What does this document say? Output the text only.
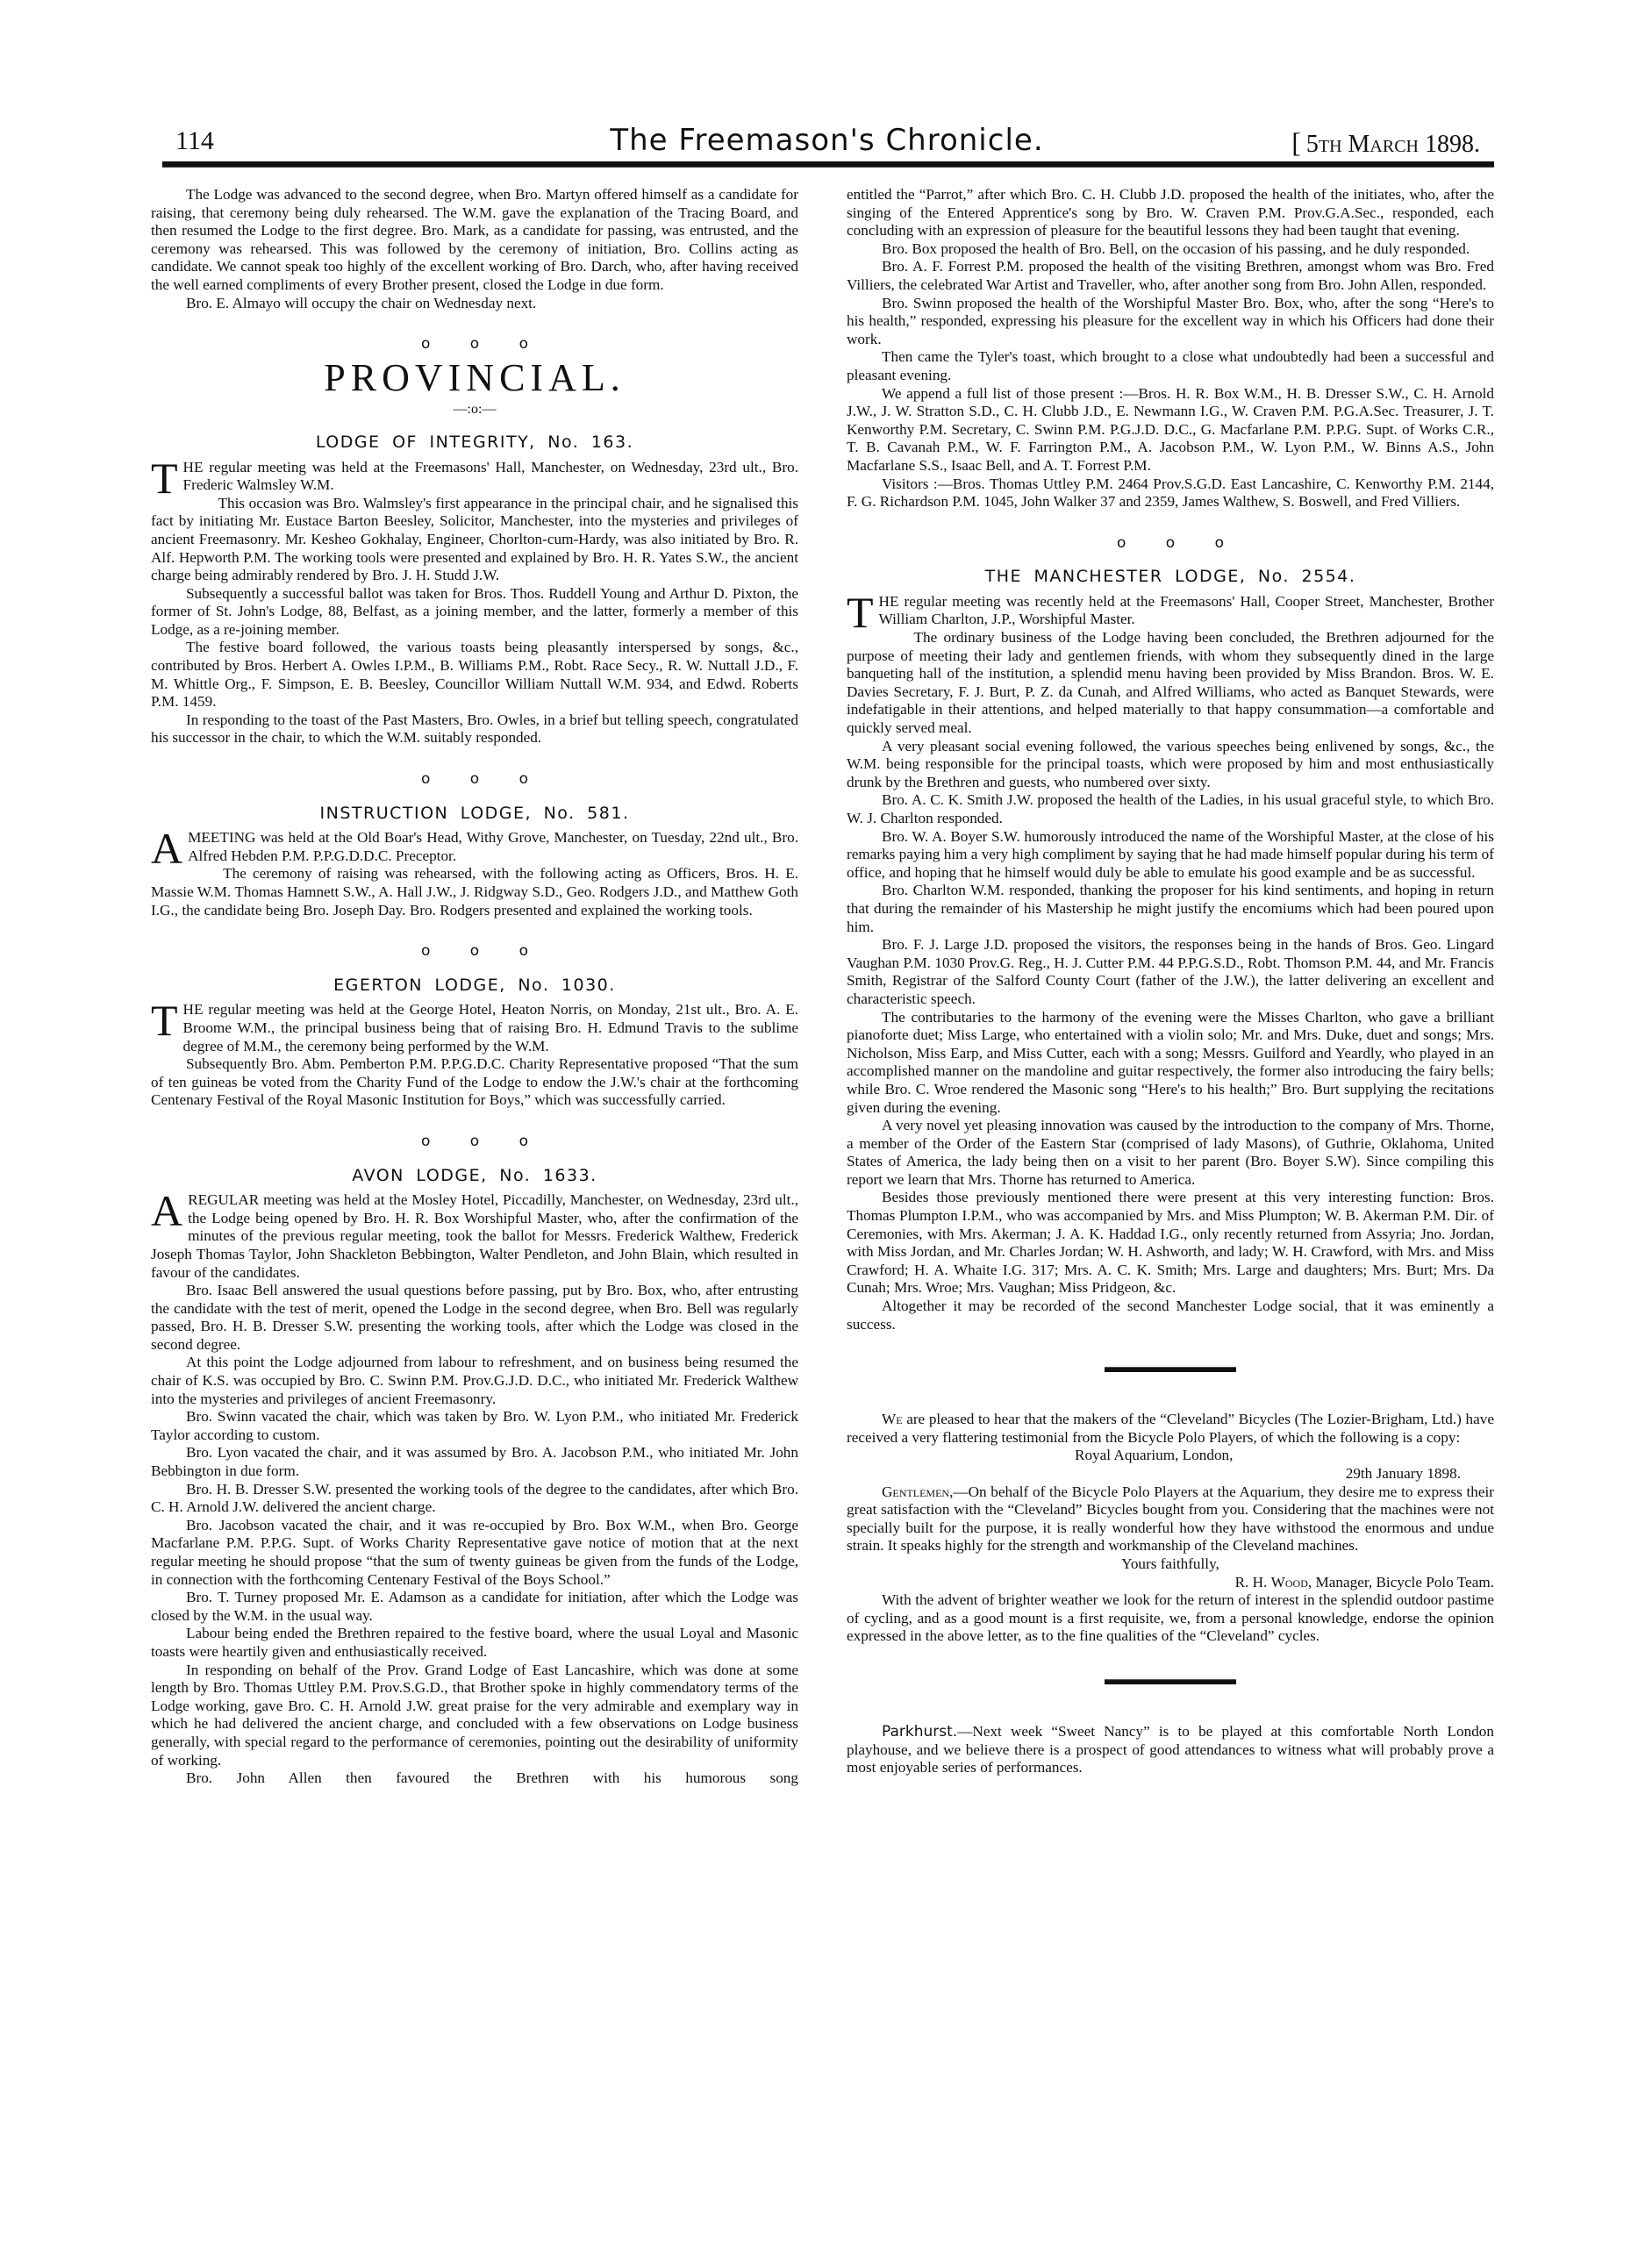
114	The Freemason's Chronicle.	[ 5th March 1898.

The Lodge was advanced to the second degree, when Bro. Martyn offered himself as a candidate for raising, that ceremony being duly rehearsed. The W.M. gave the explanation of the Tracing Board, and then resumed the Lodge to the first degree. Bro. Mark, as a candidate for passing, was entrusted, and the ceremony was rehearsed. This was followed by the ceremony of initiation, Bro. Collins acting as candidate. We cannot speak too highly of the excellent working of Bro. Darch, who, after having received the well earned compliments of every Brother present, closed the Lodge in due form.

Bro. E. Almayo will occupy the chair on Wednesday next.

o o o
PROVINCIAL.
—:o:—
LODGE OF INTEGRITY, No. 163.

THE regular meeting was held at the Freemasons' Hall, Manchester, on Wednesday, 23rd ult., Bro. Frederic Walmsley W.M.

This occasion was Bro. Walmsley's first appearance in the principal chair, and he signalised this fact by initiating Mr. Eustace Barton Beesley, Solicitor, Manchester, into the mysteries and privileges of ancient Freemasonry. Mr. Kesheo Gokhalay, Engineer, Chorlton-cum-Hardy, was also initiated by Bro. R. Alf. Hepworth P.M. The working tools were presented and explained by Bro. H. R. Yates S.W., the ancient charge being admirably rendered by Bro. J. H. Studd J.W.

Subsequently a successful ballot was taken for Bros. Thos. Ruddell Young and Arthur D. Pixton, the former of St. John's Lodge, 88, Belfast, as a joining member, and the latter, formerly a member of this Lodge, as a re-joining member.

The festive board followed, the various toasts being pleasantly interspersed by songs, &c., contributed by Bros. Herbert A. Owles I.P.M., B. Williams P.M., Robt. Race Secy., R. W. Nuttall J.D., F. M. Whittle Org., F. Simpson, E. B. Beesley, Councillor William Nuttall W.M. 934, and Edwd. Roberts P.M. 1459.

In responding to the toast of the Past Masters, Bro. Owles, in a brief but telling speech, congratulated his successor in the chair, to which the W.M. suitably responded.

o o o
INSTRUCTION LODGE, No. 581.

AMEETING was held at the Old Boar's Head, Withy Grove, Manchester, on Tuesday, 22nd ult., Bro. Alfred Hebden P.M. P.P.G.D.D.C. Preceptor.

The ceremony of raising was rehearsed, with the following acting as Officers, Bros. H. E. Massie W.M. Thomas Hamnett S.W., A. Hall J.W., J. Ridgway S.D., Geo. Rodgers J.D., and Matthew Goth I.G., the candidate being Bro. Joseph Day. Bro. Rodgers presented and explained the working tools.

o o o
EGERTON LODGE, No. 1030.

THE regular meeting was held at the George Hotel, Heaton Norris, on Monday, 21st ult., Bro. A. E. Broome W.M., the principal business being that of raising Bro. H. Edmund Travis to the sublime degree of M.M., the ceremony being performed by the W.M.

Subsequently Bro. Abm. Pemberton P.M. P.P.G.D.C. Charity Representative proposed “That the sum of ten guineas be voted from the Charity Fund of the Lodge to endow the J.W.'s chair at the forthcoming Centenary Festival of the Royal Masonic Institution for Boys,” which was successfully carried.

o o o
AVON LODGE, No. 1633.

AREGULAR meeting was held at the Mosley Hotel, Piccadilly, Manchester, on Wednesday, 23rd ult., the Lodge being opened by Bro. H. R. Box Worshipful Master, who, after the confirmation of the minutes of the previous regular meeting, took the ballot for Messrs. Frederick Walthew, Frederick Joseph Thomas Taylor, John Shackleton Bebbington, Walter Pendleton, and John Blain, which resulted in favour of the candidates.

Bro. Isaac Bell answered the usual questions before passing, put by Bro. Box, who, after entrusting the candidate with the test of merit, opened the Lodge in the second degree, when Bro. Bell was regularly passed, Bro. H. B. Dresser S.W. presenting the working tools, after which the Lodge was closed in the second degree.

At this point the Lodge adjourned from labour to refreshment, and on business being resumed the chair of K.S. was occupied by Bro. C. Swinn P.M. Prov.G.J.D. D.C., who initiated Mr. Frederick Walthew into the mysteries and privileges of ancient Freemasonry.

Bro. Swinn vacated the chair, which was taken by Bro. W. Lyon P.M., who initiated Mr. Frederick Taylor according to custom.

Bro. Lyon vacated the chair, and it was assumed by Bro. A. Jacobson P.M., who initiated Mr. John Bebbington in due form.

Bro. H. B. Dresser S.W. presented the working tools of the degree to the candidates, after which Bro. C. H. Arnold J.W. delivered the ancient charge.

Bro. Jacobson vacated the chair, and it was re-occupied by Bro. Box W.M., when Bro. George Macfarlane P.M. P.P.G. Supt. of Works Charity Representative gave notice of motion that at the next regular meeting he should propose “that the sum of twenty guineas be given from the funds of the Lodge, in connection with the forthcoming Centenary Festival of the Boys School.”

Bro. T. Turney proposed Mr. E. Adamson as a candidate for initiation, after which the Lodge was closed by the W.M. in the usual way.

Labour being ended the Brethren repaired to the festive board, where the usual Loyal and Masonic toasts were heartily given and enthusiastically received.

In responding on behalf of the Prov. Grand Lodge of East Lancashire, which was done at some length by Bro. Thomas Uttley P.M. Prov.S.G.D., that Brother spoke in highly commendatory terms of the Lodge working, gave Bro. C. H. Arnold J.W. great praise for the very admirable and exemplary way in which he had delivered the ancient charge, and concluded with a few observations on Lodge business generally, with special regard to the performance of ceremonies, pointing out the desirability of uniformity of working.

Bro. John Allen then favoured the Brethren with his humorous song

entitled the “Parrot,” after which Bro. C. H. Clubb J.D. proposed the health of the initiates, who, after the singing of the Entered Apprentice's song by Bro. W. Craven P.M. Prov.G.A.Sec., responded, each concluding with an expression of pleasure for the beautiful lessons they had been taught that evening.

Bro. Box proposed the health of Bro. Bell, on the occasion of his passing, and he duly responded.

Bro. A. F. Forrest P.M. proposed the health of the visiting Brethren, amongst whom was Bro. Fred Villiers, the celebrated War Artist and Traveller, who, after another song from Bro. John Allen, responded.

Bro. Swinn proposed the health of the Worshipful Master Bro. Box, who, after the song “Here's to his health,” responded, expressing his pleasure for the excellent way in which his Officers had done their work.

Then came the Tyler's toast, which brought to a close what undoubtedly had been a successful and pleasant evening.

We append a full list of those present :—Bros. H. R. Box W.M., H. B. Dresser S.W., C. H. Arnold J.W., J. W. Stratton S.D., C. H. Clubb J.D., E. Newmann I.G., W. Craven P.M. P.G.A.Sec. Treasurer, J. T. Kenworthy P.M. Secretary, C. Swinn P.M. P.G.J.D. D.C., G. Macfarlane P.M. P.P.G. Supt. of Works C.R., T. B. Cavanah P.M., W. F. Farrington P.M., A. Jacobson P.M., W. Lyon P.M., W. Binns A.S., John Macfarlane S.S., Isaac Bell, and A. T. Forrest P.M.

Visitors :—Bros. Thomas Uttley P.M. 2464 Prov.S.G.D. East Lancashire, C. Kenworthy P.M. 2144, F. G. Richardson P.M. 1045, John Walker 37 and 2359, James Walthew, S. Boswell, and Fred Villiers.

o o o
THE MANCHESTER LODGE, No. 2554.

THE regular meeting was recently held at the Freemasons' Hall, Cooper Street, Manchester, Brother William Charlton, J.P., Worshipful Master.

The ordinary business of the Lodge having been concluded, the Brethren adjourned for the purpose of meeting their lady and gentlemen friends, with whom they subsequently dined in the large banqueting hall of the institution, a splendid menu having been provided by Miss Brandon. Bros. W. E. Davies Secretary, F. J. Burt, P. Z. da Cunah, and Alfred Williams, who acted as Banquet Stewards, were indefatigable in their attentions, and helped materially to that happy consummation—a comfortable and quickly served meal.

A very pleasant social evening followed, the various speeches being enlivened by songs, &c., the W.M. being responsible for the principal toasts, which were proposed by him and most enthusiastically drunk by the Brethren and guests, who numbered over sixty.

Bro. A. C. K. Smith J.W. proposed the health of the Ladies, in his usual graceful style, to which Bro. W. J. Charlton responded.

Bro. W. A. Boyer S.W. humorously introduced the name of the Worshipful Master, at the close of his remarks paying him a very high compliment by saying that he had made himself popular during his term of office, and hoping that he himself would duly be able to emulate his good example and be as successful.

Bro. Charlton W.M. responded, thanking the proposer for his kind sentiments, and hoping in return that during the remainder of his Mastership he might justify the encomiums which had been poured upon him.

Bro. F. J. Large J.D. proposed the visitors, the responses being in the hands of Bros. Geo. Lingard Vaughan P.M. 1030 Prov.G. Reg., H. J. Cutter P.M. 44 P.P.G.S.D., Robt. Thomson P.M. 44, and Mr. Francis Smith, Registrar of the Salford County Court (father of the J.W.), the latter delivering an excellent and characteristic speech.

The contributaries to the harmony of the evening were the Misses Charlton, who gave a brilliant pianoforte duet; Miss Large, who entertained with a violin solo; Mr. and Mrs. Duke, duet and songs; Mrs. Nicholson, Miss Earp, and Miss Cutter, each with a song; Messrs. Guilford and Yeardly, who played in an accomplished manner on the mandoline and guitar respectively, the former also introducing the fairy bells; while Bro. C. Wroe rendered the Masonic song “Here's to his health;” Bro. Burt supplying the recitations given during the evening.

A very novel yet pleasing innovation was caused by the introduction to the company of Mrs. Thorne, a member of the Order of the Eastern Star (comprised of lady Masons), of Guthrie, Oklahoma, United States of America, the lady being then on a visit to her parent (Bro. Boyer S.W). Since compiling this report we learn that Mrs. Thorne has returned to America.

Besides those previously mentioned there were present at this very interesting function: Bros. Thomas Plumpton I.P.M., who was accompanied by Mrs. and Miss Plumpton; W. B. Akerman P.M. Dir. of Ceremonies, with Mrs. Akerman; J. A. K. Haddad I.G., only recently returned from Assyria; Jno. Jordan, with Miss Jordan, and Mr. Charles Jordan; W. H. Ashworth, and lady; W. H. Crawford, with Mrs. and Miss Crawford; H. A. Whaite I.G. 317; Mrs. A. C. K. Smith; Mrs. Large and daughters; Mrs. Burt; Mrs. Da Cunah; Mrs. Wroe; Mrs. Vaughan; Miss Pridgeon, &c.

Altogether it may be recorded of the second Manchester Lodge social, that it was eminently a success.

We are pleased to hear that the makers of the “Cleveland” Bicycles (The Lozier-Brigham, Ltd.) have received a very flattering testimonial from the Bicycle Polo Players, of which the following is a copy:

Royal Aquarium, London,

29th January 1898.

Gentlemen,—On behalf of the Bicycle Polo Players at the Aquarium, they desire me to express their great satisfaction with the “Cleveland” Bicycles bought from you. Considering that the machines were not specially built for the purpose, it is really wonderful how they have withstood the enormous and undue strain. It speaks highly for the strength and workmanship of the Cleveland machines.

Yours faithfully,

R. H. Wood, Manager, Bicycle Polo Team.

With the advent of brighter weather we look for the return of interest in the splendid outdoor pastime of cycling, and as a good mount is a first requisite, we, from a personal knowledge, endorse the opinion expressed in the above letter, as to the fine qualities of the “Cleveland” cycles.

Parkhurst.—Next week “Sweet Nancy” is to be played at this comfortable North London playhouse, and we believe there is a prospect of good attendances to witness what will probably prove a most enjoyable series of performances.
